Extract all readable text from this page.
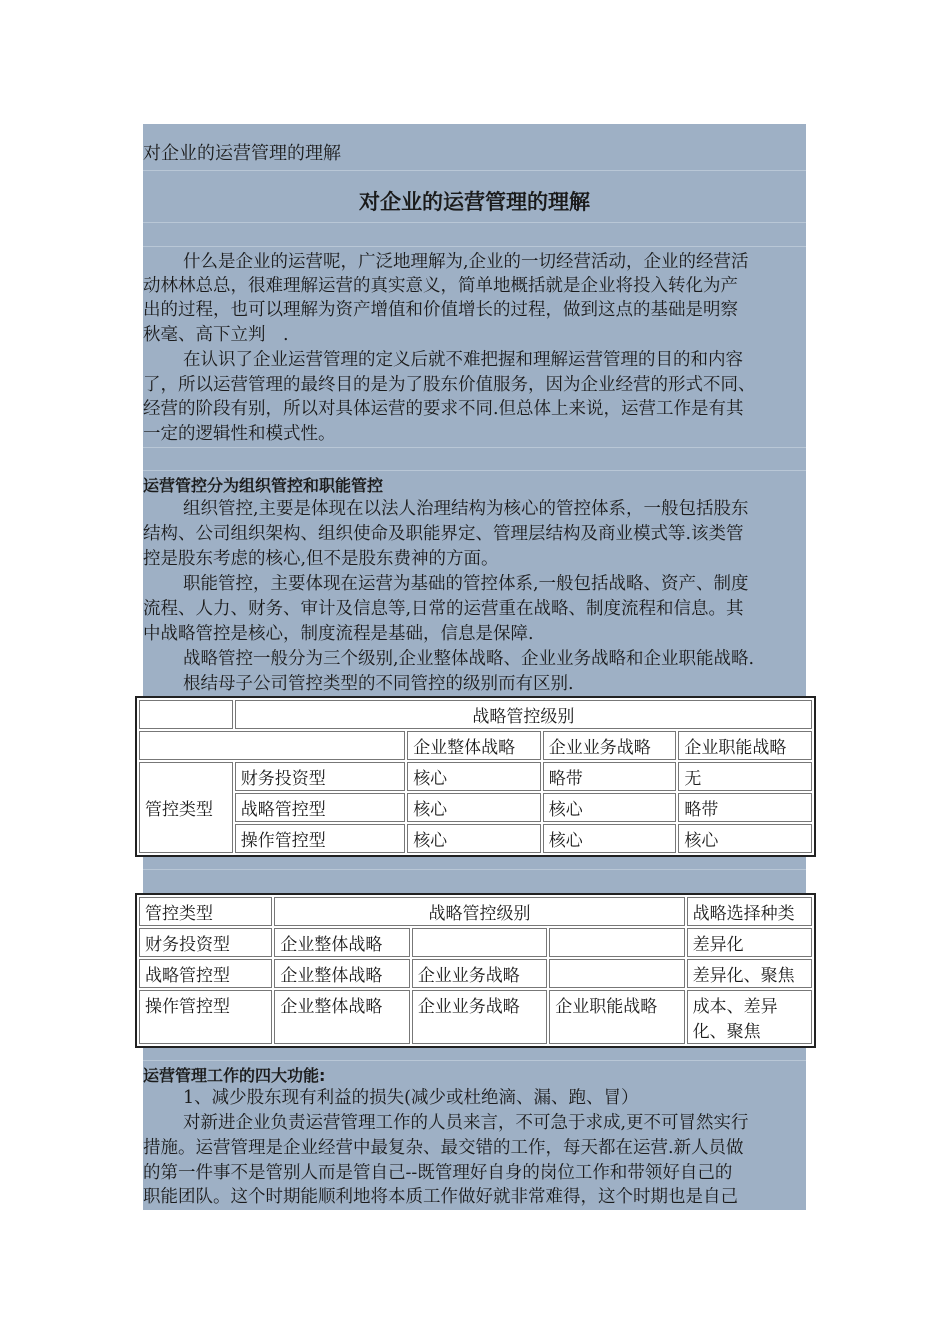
对企业的运营管理的理解
对企业的运营管理的理解
什么是企业的运营呢，广泛地理解为,企业的一切经营活动，企业的经营活
动林林总总，很难理解运营的真实意义，简单地概括就是企业将投入转化为产
出的过程，也可以理解为资产增值和价值增长的过程，做到这点的基础是明察
秋毫、高下立判　.
在认识了企业运营管理的定义后就不难把握和理解运营管理的目的和内容
了，所以运营管理的最终目的是为了股东价值服务，因为企业经营的形式不同、
经营的阶段有别，所以对具体运营的要求不同.但总体上来说，运营工作是有其
一定的逻辑性和模式性。
运营管控分为组织管控和职能管控
组织管控,主要是体现在以法人治理结构为核心的管控体系，一般包括股东
结构、公司组织架构、组织使命及职能界定、管理层结构及商业模式等.该类管
控是股东考虑的核心,但不是股东费神的方面。
职能管控，主要体现在运营为基础的管控体系,一般包括战略、资产、制度
流程、人力、财务、审计及信息等,日常的运营重在战略、制度流程和信息。其
中战略管控是核心，制度流程是基础，信息是保障.
战略管控一般分为三个级别,企业整体战略、企业业务战略和企业职能战略.
根结母子公司管控类型的不同管控的级别而有区别.
	战略管控级别			
		企业整体战略	企业业务战略	企业职能战略
管控类型	财务投资型	核心	略带	无
	战略管控型	核心	核心	略带
	操作管控型	核心	核心	核心
管控类型	战略管控级别			战略选择种类
财务投资型	企业整体战略			差异化
战略管控型	企业整体战略	企业业务战略		差异化、聚焦
操作管控型	企业整体战略	企业业务战略	企业职能战略	成本、差异
化、聚焦
运营管理工作的四大功能:
1、减少股东现有利益的损失(减少或杜绝滴、漏、跑、冒）
对新进企业负责运营管理工作的人员来言，不可急于求成,更不可冒然实行
措施。运营管理是企业经营中最复杂、最交错的工作，每天都在运营.新人员做
的第一件事不是管别人而是管自己--既管理好自身的岗位工作和带领好自己的
职能团队。这个时期能顺利地将本质工作做好就非常难得，这个时期也是自己
